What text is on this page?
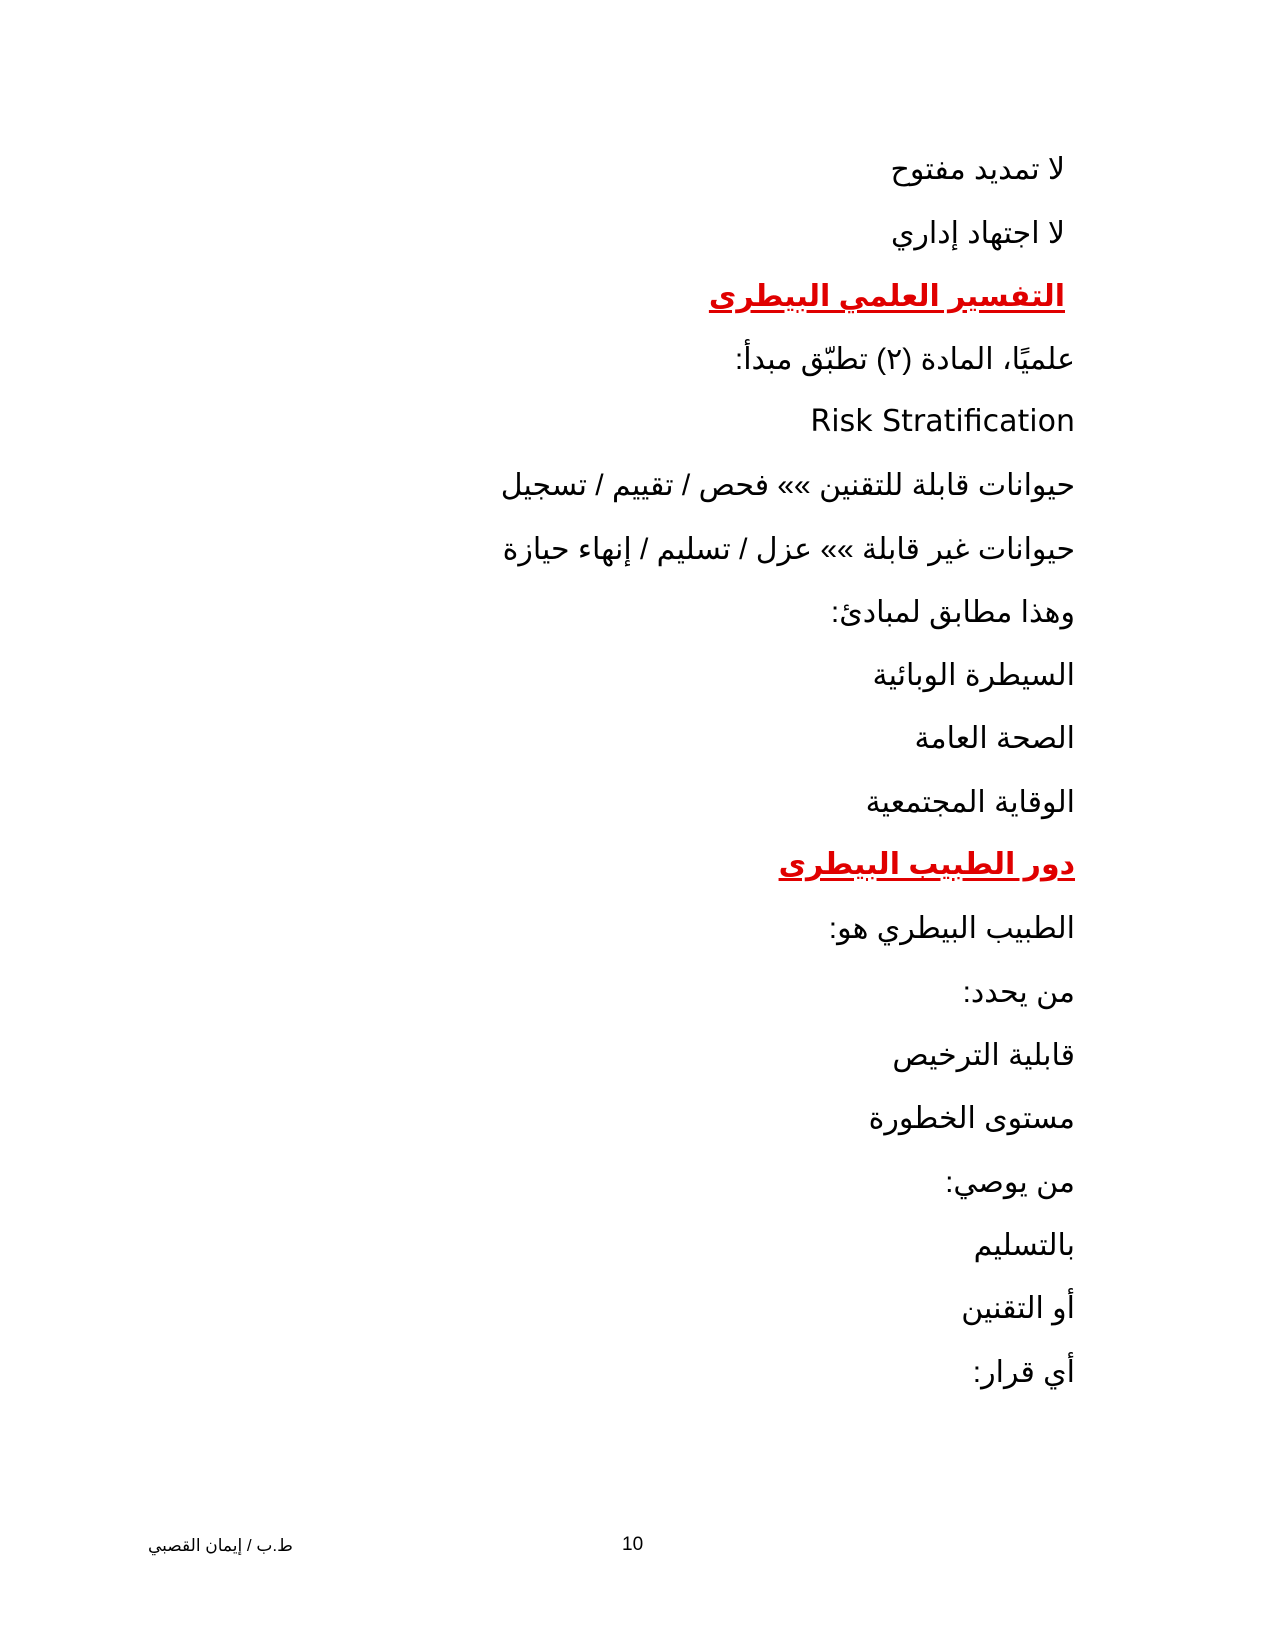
لا تمديد مفتوح
لا اجتهاد إداري
التفسير العلمي البيطرى
علميًا، المادة (٢) تطبّق مبدأ:
Risk Stratification
حيوانات قابلة للتقنين »» فحص / تقييم / تسجيل
حيوانات غير قابلة »» عزل / تسليم / إنهاء حيازة
وهذا مطابق لمبادئ:
السيطرة الوبائية
الصحة العامة
الوقاية المجتمعية
دور الطبيب البيطرى
الطبيب البيطري هو:
من يحدد:
قابلية الترخيص
مستوى الخطورة
من يوصي:
بالتسليم
أو التقنين
أي قرار:
ط.ب / إيمان القصبي	10
